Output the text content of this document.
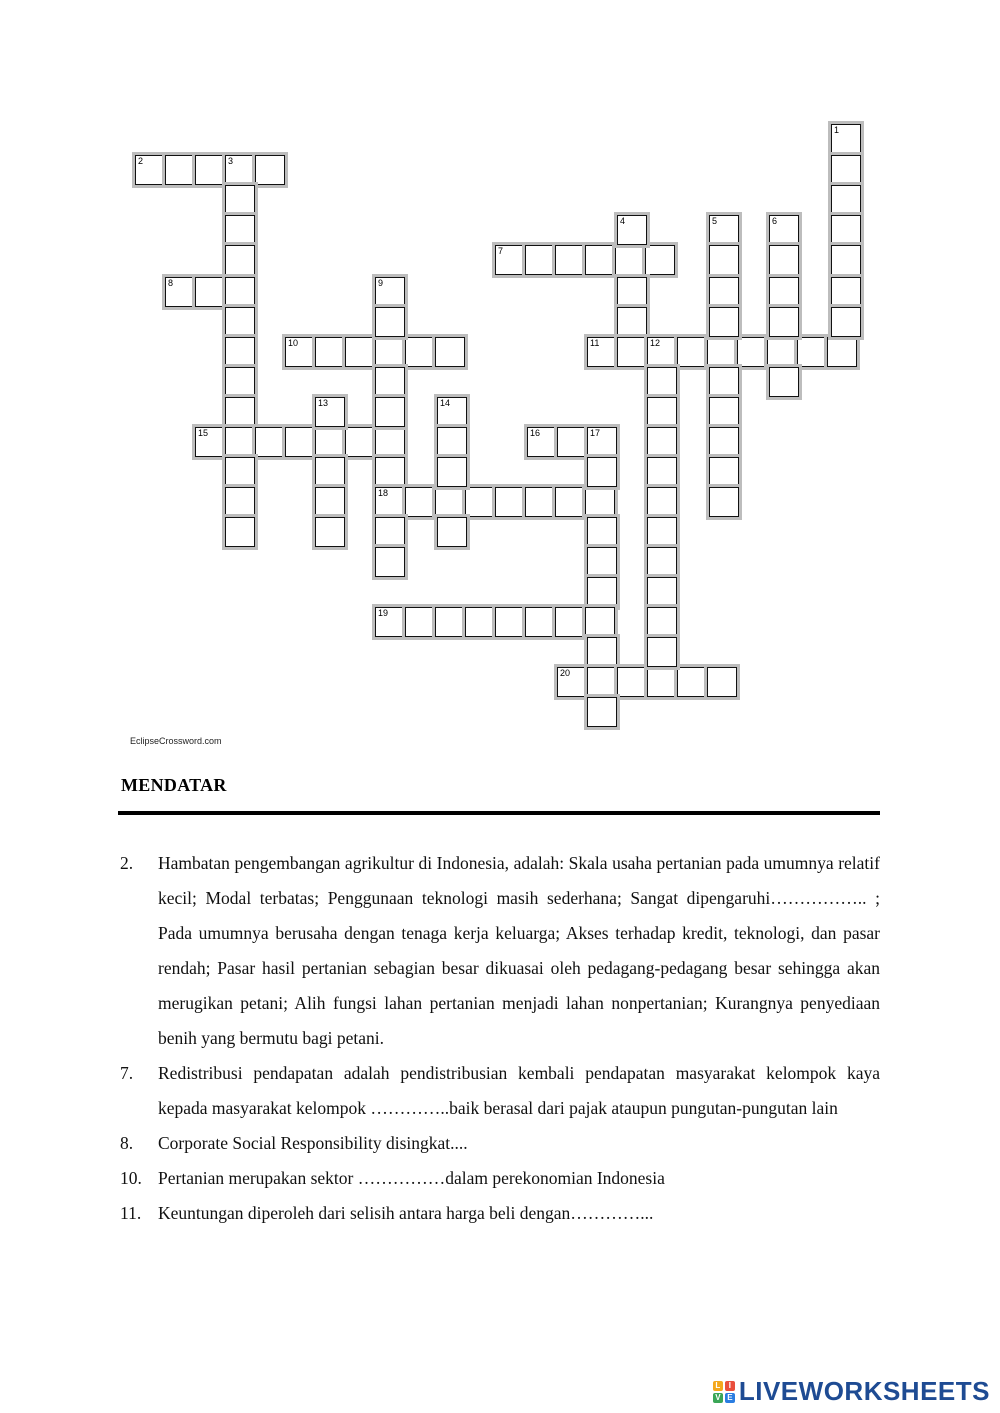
2	3
8
15
10
9
18
13	14
16	17
19
20
7
4
11	12
5	6
1
EclipseCrossword.com
MENDATAR
2. Hambatan pengembangan agrikultur di Indonesia, adalah: Skala usaha pertanian pada umumnya relatif kecil; Modal terbatas; Penggunaan teknologi masih sederhana; Sangat dipengaruhi…………….. ; Pada umumnya berusaha dengan tenaga kerja keluarga; Akses terhadap kredit, teknologi, dan pasar rendah; Pasar hasil pertanian sebagian besar dikuasai oleh pedagang-pedagang besar sehingga akan merugikan petani; Alih fungsi lahan pertanian menjadi lahan nonpertanian; Kurangnya penyediaan benih yang bermutu bagi petani.
7. Redistribusi pendapatan adalah pendistribusian kembali pendapatan masyarakat kelompok kaya kepada masyarakat kelompok …………..baik berasal dari pajak ataupun pungutan-pungutan lain
8. Corporate Social Responsibility disingkat....
10. Pertanian merupakan sektor ……………dalam perekonomian Indonesia
11. Keuntungan diperoleh dari selisih antara harga beli dengan…………...
L	I
V E LIVEWORKSHEETS
